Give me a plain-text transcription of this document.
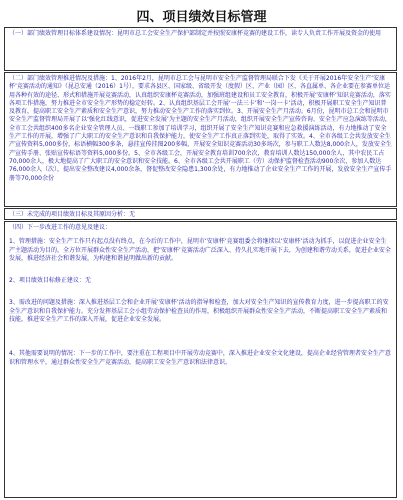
四、项目绩效目标管理

（一）部门绩效管理目标体系建设情况：昆明市总工会安全生产保护部制定并按照安康杯竞赛的建设工作，读专人负责工作开展及资金的使用

（二）部门绩效管理推进情况及措施：1、2016年2月，昆明市总工会与昆明市安全生产监督管理局联合下发《关于开展2016年安全生产‘安康杯’竞赛活动的通知》（昆总安通（2016）1号），要求各县区、国家级、省级开发（度假）区、产业（园）区、各直属单、各企业要在参赛单位运用各种有效的途径、形式和措施开展竞赛活动，认真组织安康杯竞赛活动，加强班组建设和员工安全教育，积极开展‘安康杯’知识竞赛活动，落实各项工作措施，努力推进全市安全生产形势的稳定好转。2、认真组织基层工会开展‘一法三卡’和‘一岗一卡’活动，积极开展职工安全生产知识普及教育，提高职工安全生产素质和安全生产意识，努力推动安全生产工作的落实到位。3、开展安全生产月活动。6月份，昆明市总工会和昆明市安全生产监督管理局开展了以‘强化红线意识，促进安全发展’为主题的安全生产月活动，组织开展安全生产宣传咨询、安全生产应急演练等活动，全市工会共组织400多名企业安全管理人员、一线职工参加了培训学习，组织开展了安全生产知识竞赛和应急救援演练活动，有力地推动了安全生产工作的开展，增强了广大职工的安全生产意识和自我保护能力，使安全生产工作真正落到实处，取得了实效。4、全市各级工会共发放安全生产宣传资料5,000多份，标语横幅300多条，悬挂宣传挂图200多幅，开展安全知识竞赛活动30多场次，参与职工人数达8,000余人，发放安全生产宣传手册、张贴宣传标语等资料5,000多份。5、全市各级工会，开展安全教育培训700余次，教育培训人数达150,000余人，其中农民工占70,000余人，极大地提高了广大职工的安全意识和安全技能。6、全市各级工会共开展职工（劳）动保护监督检查活动900余次，参加人数达76,000余人（次），提出安全整改建议4,000余条，督促整改安全隐患1,300余处，有力地推动了企业安全生产工作的开展，发放安全生产宣传手册等70,000余份

（三）未完成的项目绩效目标及其原因分析：无

（四）下一步改进工作的意见及建议：

1、管理措施：安全生产工作只有起点没有终点，在今后的工作中，昆明市‘安康杯’竞赛组委会将继续以‘安康杯’活动为抓手，以促进企业安全生产主题活动为目的，全方位开展群众性安全生产活动，把‘安康杯’竞赛活动广泛深入、持久扎实地开展下去，为创建和谐劳动关系，促进企业安全发展，推进经济社会和谐发展，为构建和谐昆明做出新的贡献。

2、项目绩效目标修正建议：无

3、需改进的问题及措施：深入推进基层工会和企业开展‘安康杯’活动的指导和检查，加大对安全生产知识的宣传教育力度，进一步提高职工的安全生产意识和自我保护能力。充分发挥基层工会小组劳动保护检查员的作用，积极组织开展群众性安全生产活动，不断提高职工安全生产素质和技能，推进安全生产工作的深入开展，促进企业安全发展。

4、其他需要说明的情况：下一步的工作中，要注重在工程项目中开展劳动竞赛中，深入推进企业安全文化建设，提高企业经营管理者安全生产意识和管理水平，通过群众性安全生产竞赛活动，提高职工安全生产意识和法律意识。
